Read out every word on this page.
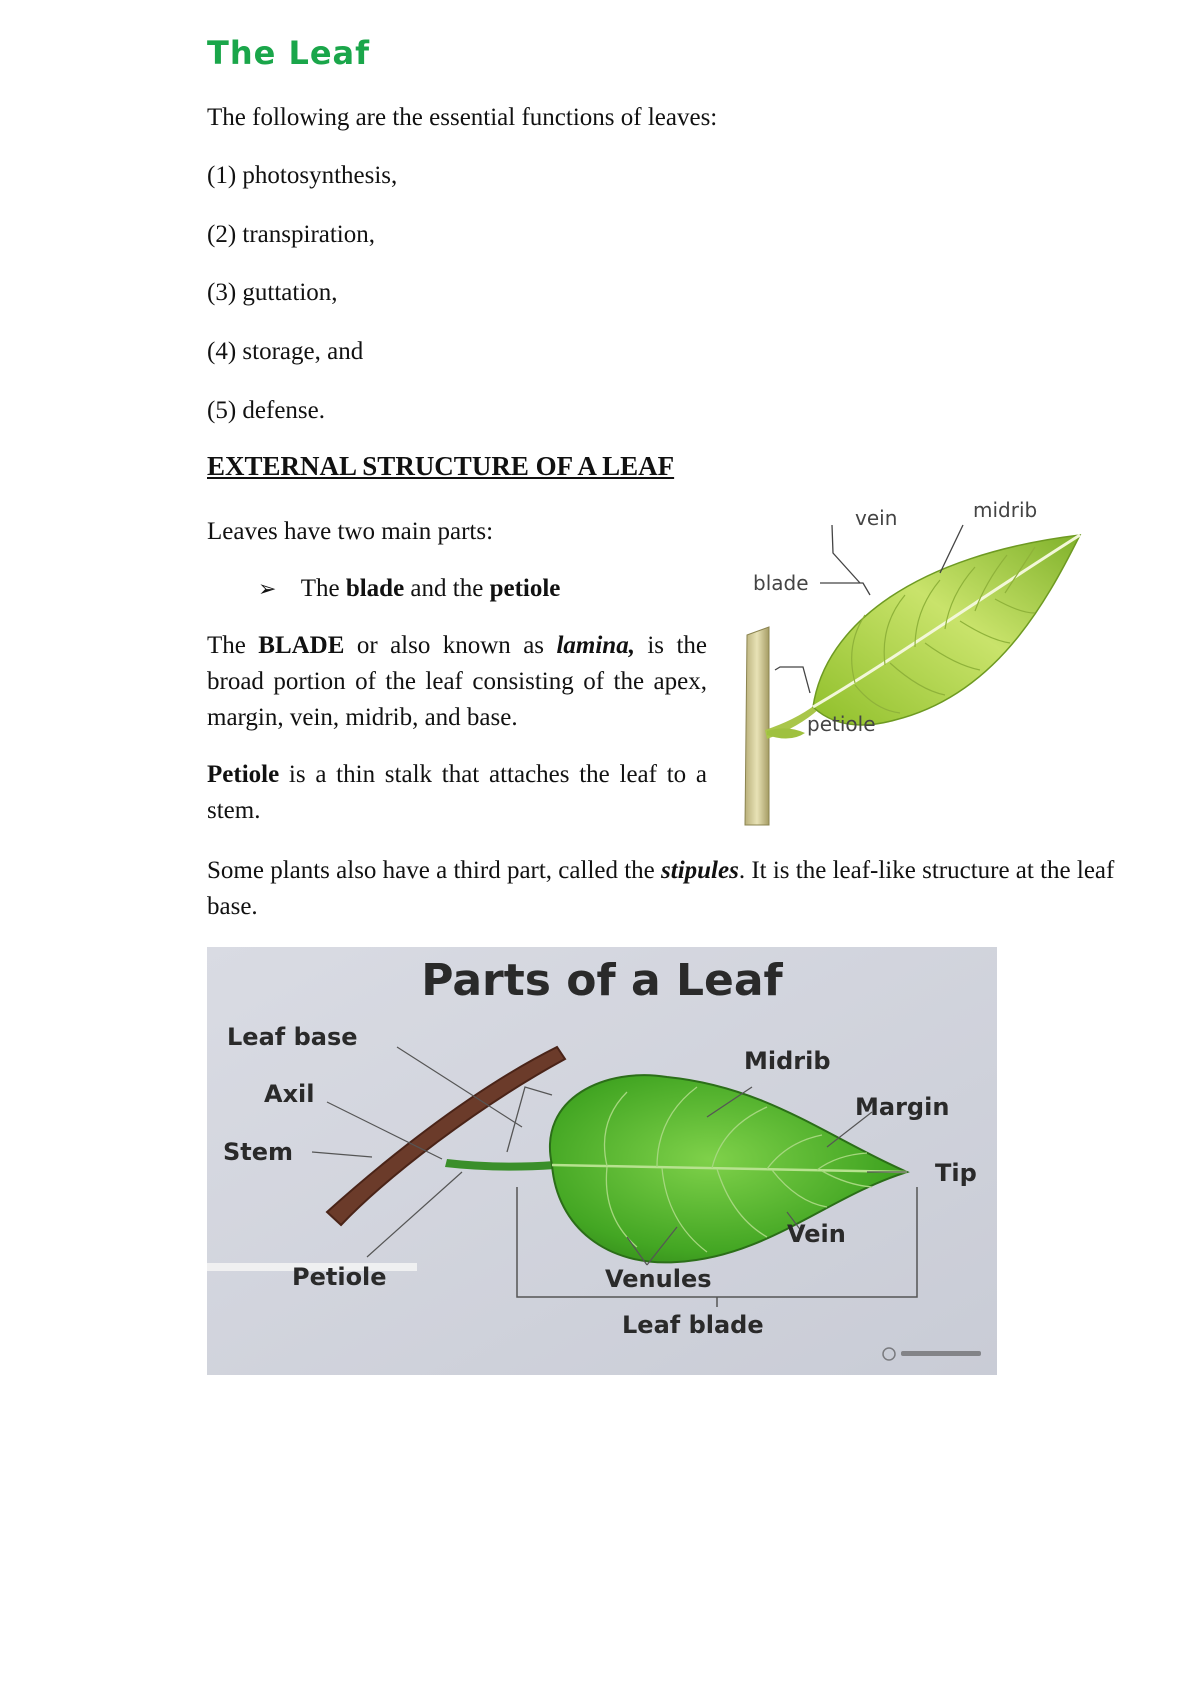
The Leaf
The following are the essential functions of leaves:
(1) photosynthesis,
(2) transpiration,
(3) guttation,
(4) storage, and
(5) defense.
EXTERNAL STRUCTURE OF A LEAF
Leaves have two main parts:
➢ The blade and the petiole
The BLADE or also known as lamina, is the broad portion of the leaf consisting of the apex, margin, vein, midrib, and base.
Petiole is a thin stalk that attaches the leaf to a stem.
Some plants also have a third part, called the stipules. It is the leaf-like structure at the leaf base.
blade
vein	midrib
petiole
Parts of a Leaf
Leaf base
Axil
Stem
Petiole
Midrib
Margin
Tip
Vein
Venules
Leaf blade
